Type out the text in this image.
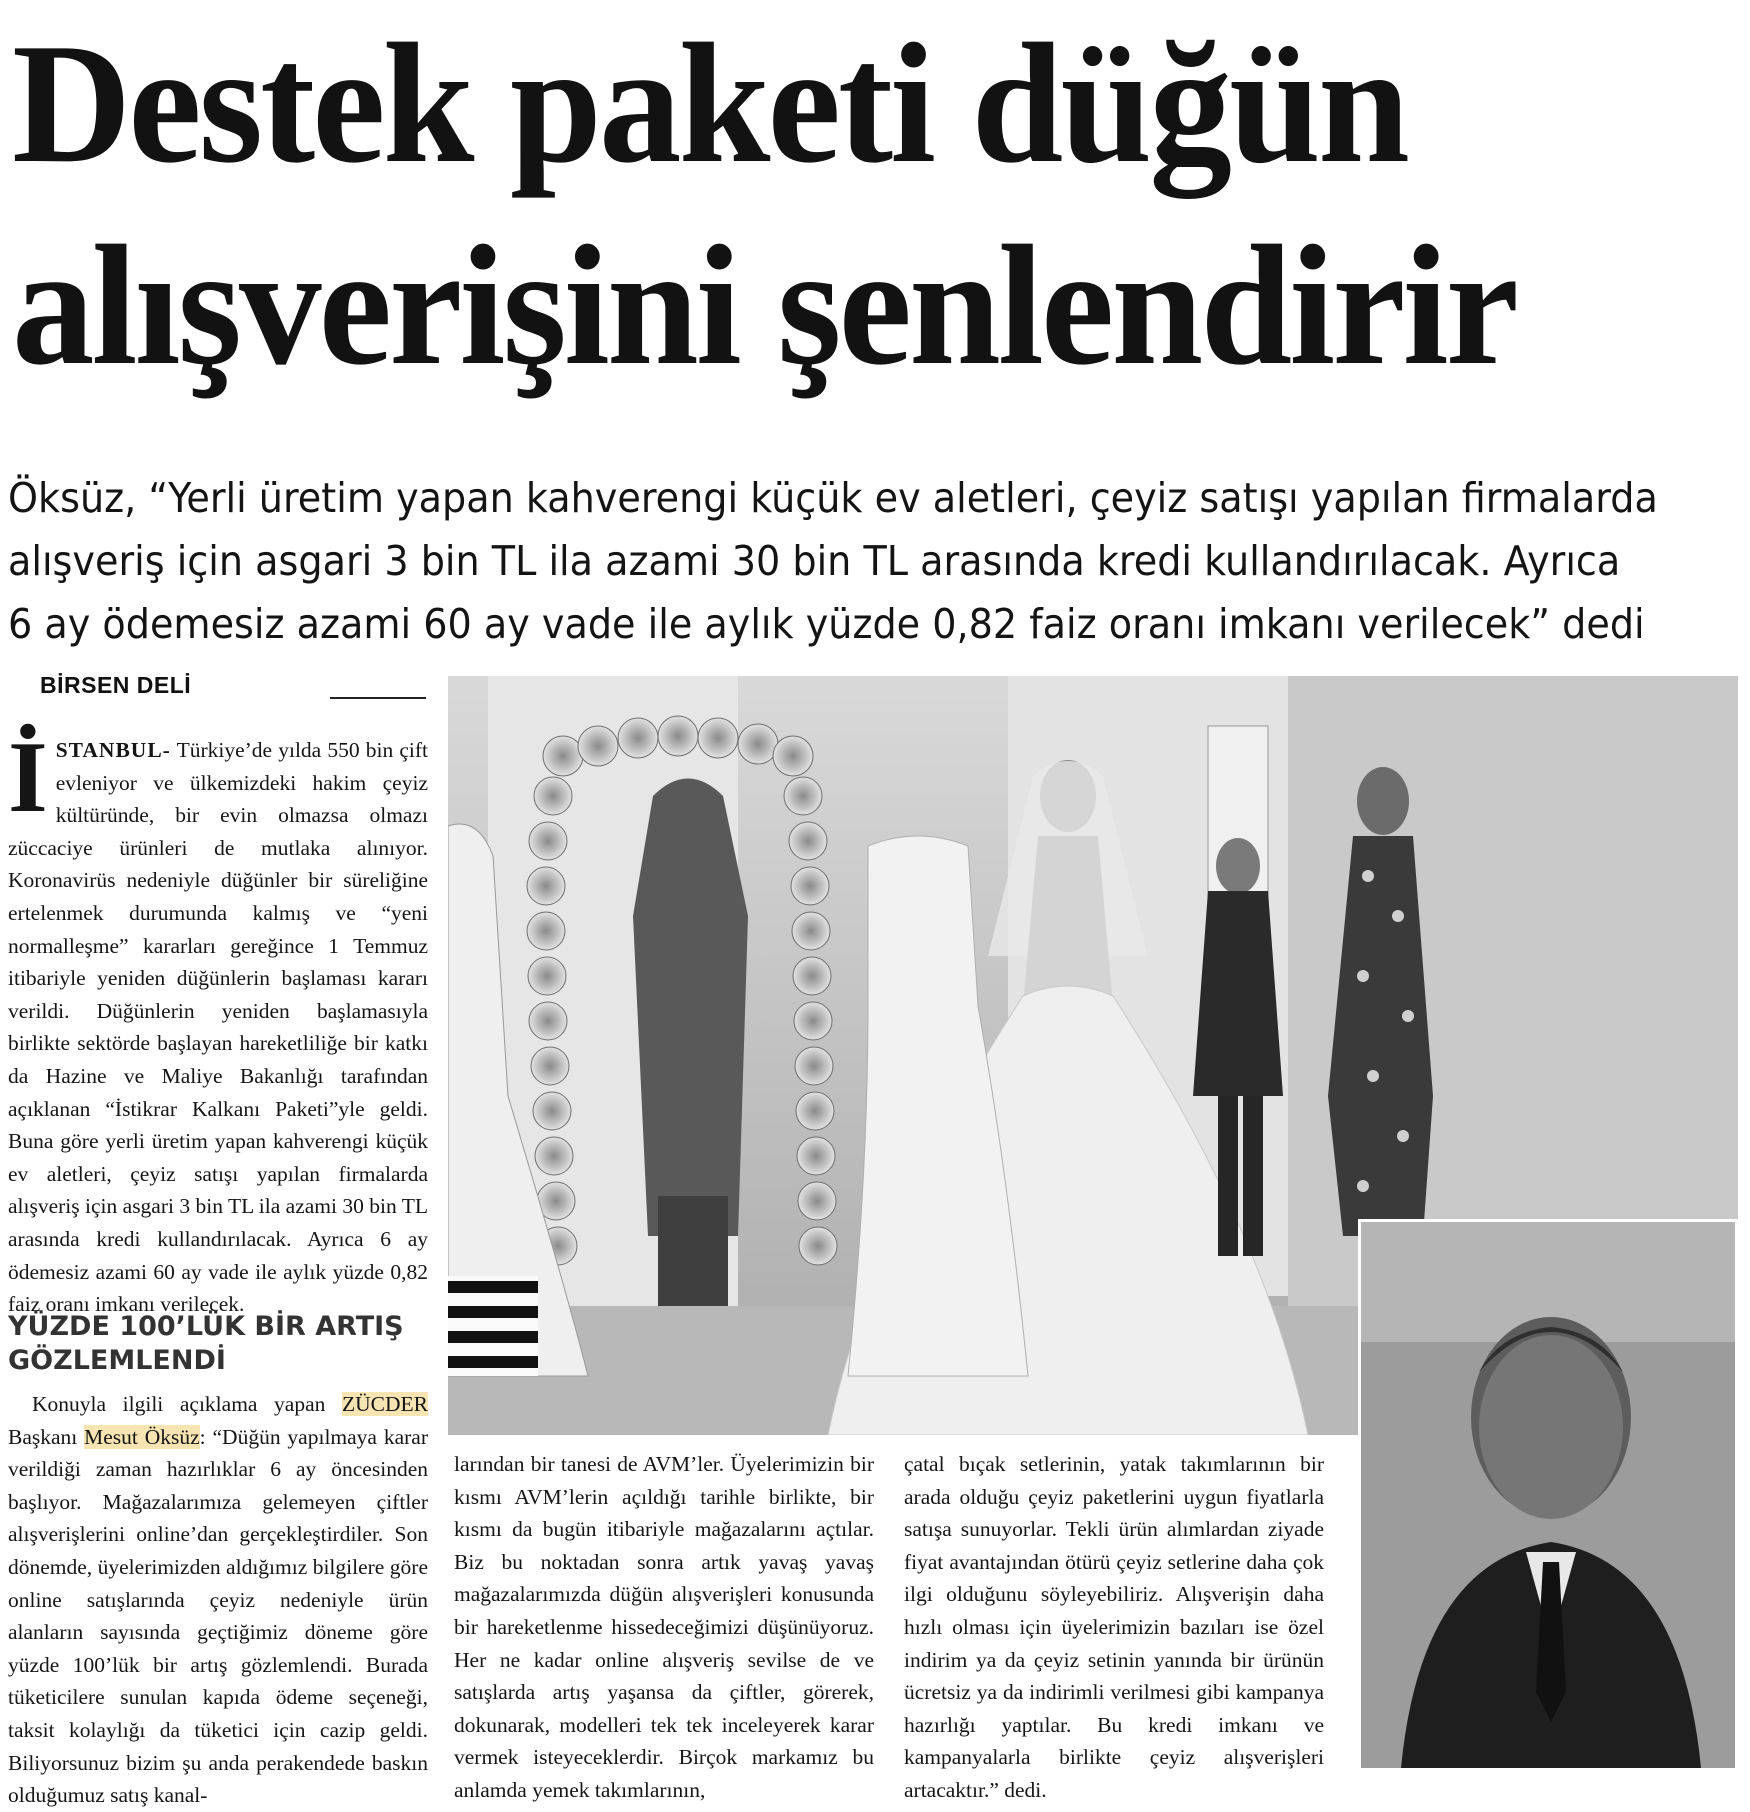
Destek paketi düğün
alışverişini şenlendirir
Öksüz, “Yerli üretim yapan kahverengi küçük ev aletleri, çeyiz satışı yapılan firmalarda
alışveriş için asgari 3 bin TL ila azami 30 bin TL arasında kredi kullandırılacak. Ayrıca
6 ay ödemesiz azami 60 ay vade ile aylık yüzde 0,82 faiz oranı imkanı verilecek” dedi
BİRSEN DELİ
İSTANBUL- Türkiye’de yılda 550 bin çift evleniyor ve ülkemizdeki hakim çeyiz kültüründe, bir evin olmazsa olmazı züccaciye ürünleri de mutlaka alınıyor. Koronavirüs nedeniyle düğünler bir süreliğine ertelenmek durumunda kalmış ve “yeni normalleşme” kararları gereğince 1 Temmuz itibariyle yeniden düğünlerin başlaması kararı verildi. Düğünlerin yeniden başlamasıyla birlikte sektörde başlayan hareketliliğe bir katkı da Hazine ve Maliye Bakanlığı tarafından açıklanan “İstikrar Kalkanı Paketi”yle geldi. Buna göre yerli üretim yapan kahverengi küçük ev aletleri, çeyiz satışı yapılan firmalarda alışveriş için asgari 3 bin TL ila azami 30 bin TL arasında kredi kullandırılacak. Ayrıca 6 ay ödemesiz azami 60 ay vade ile aylık yüzde 0,82 faiz oranı imkanı verilecek.
YÜZDE 100’LÜK BİR ARTIŞ GÖZLEMLENDİ
Konuyla ilgili açıklama yapan ZÜCDER Başkanı Mesut Öksüz: “Düğün yapılmaya karar verildiği zaman hazırlıklar 6 ay öncesinden başlıyor. Mağazalarımıza gelemeyen çiftler alışverişlerini online’dan gerçekleştirdiler. Son dönemde, üyelerimizden aldığımız bilgilere göre online satışlarında çeyiz nedeniyle ürün alanların sayısında geçtiğimiz döneme göre yüzde 100’lük bir artış gözlemlendi. Burada tüketicilere sunulan kapıda ödeme seçeneği, taksit kolaylığı da tüketici için cazip geldi. Biliyorsunuz bizim şu anda perakendede baskın olduğumuz satış kanal-
larından bir tanesi de AVM’ler. Üyelerimizin bir kısmı AVM’lerin açıldığı tarihle birlikte, bir kısmı da bugün itibariyle mağazalarını açtılar. Biz bu noktadan sonra artık yavaş yavaş mağazalarımızda düğün alışverişleri konusunda bir hareketlenme hissedeceğimizi düşünüyoruz. Her ne kadar online alışveriş sevilse de ve satışlarda artış yaşansa da çiftler, görerek, dokunarak, modelleri tek tek inceleyerek karar vermek isteyeceklerdir. Birçok markamız bu anlamda yemek takımlarının,
çatal bıçak setlerinin, yatak takımlarının bir arada olduğu çeyiz paketlerini uygun fiyatlarla satışa sunuyorlar. Tekli ürün alımlardan ziyade fiyat avantajından ötürü çeyiz setlerine daha çok ilgi olduğunu söyleyebiliriz. Alışverişin daha hızlı olması için üyelerimizin bazıları ise özel indirim ya da çeyiz setinin yanında bir ürünün ücretsiz ya da indirimli verilmesi gibi kampanya hazırlığı yaptılar. Bu kredi imkanı ve kampanyalarla birlikte çeyiz alışverişleri artacaktır.” dedi.
